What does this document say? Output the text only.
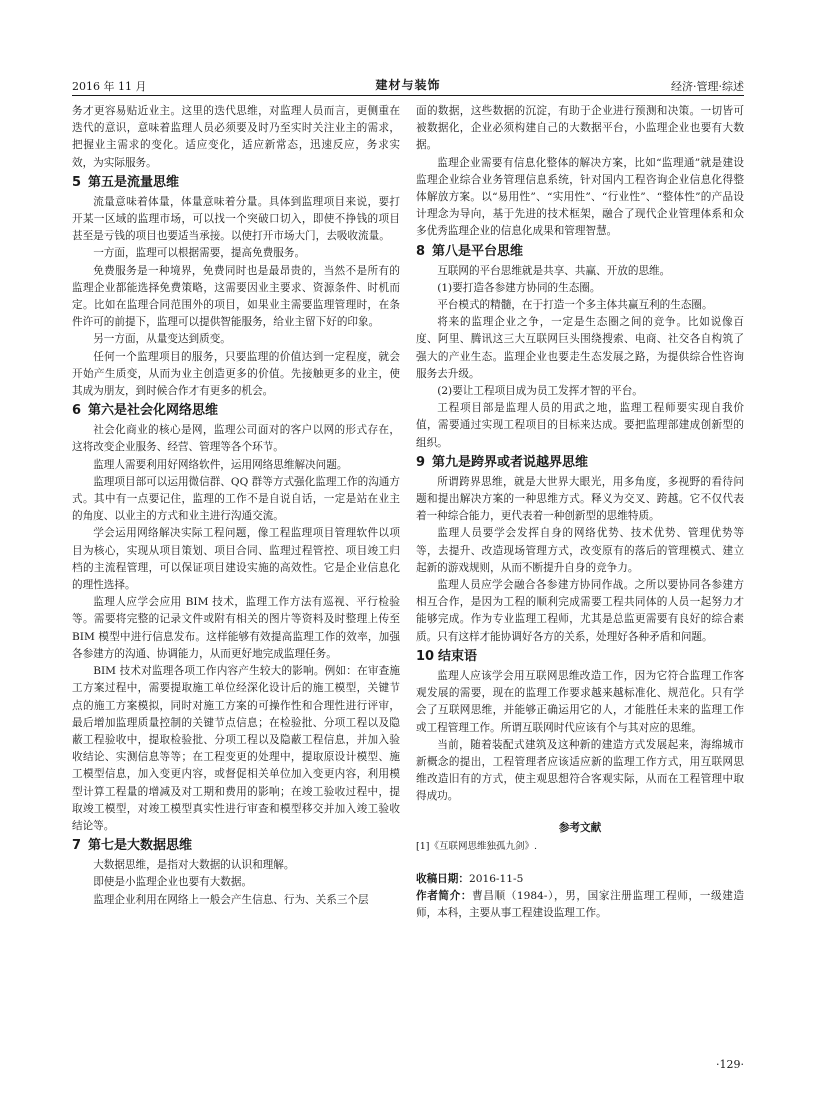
2016 年 11 月	建材与装饰	经济·管理·综述

务才更容易贴近业主。这里的迭代思维，对监理人员而言，更侧重在迭代的意识，意味着监理人员必须要及时乃至实时关注业主的需求，把握业主需求的变化。适应变化，适应新常态，迅速反应，务求实效，为实际服务。

5 第五是流量思维

流量意味着体量，体量意味着分量。具体到监理项目来说，要打开某一区域的监理市场，可以找一个突破口切入，即使不挣钱的项目甚至是亏钱的项目也要适当承接。以使打开市场大门，去吸收流量。

一方面，监理可以根据需要，提高免费服务。

免费服务是一种境界，免费同时也是最昂贵的，当然不是所有的监理企业都能选择免费策略，这需要因业主要求、资源条件、时机而定。比如在监理合同范围外的项目，如果业主需要监理管理时，在条件许可的前提下，监理可以提供智能服务，给业主留下好的印象。

另一方面，从量变达到质变。

任何一个监理项目的服务，只要监理的价值达到一定程度，就会开始产生质变，从而为业主创造更多的价值。先接触更多的业主，使其成为朋友，到时候合作才有更多的机会。

6 第六是社会化网络思维

社会化商业的核心是网，监理公司面对的客户以网的形式存在，这将改变企业服务、经营、管理等各个环节。

监理人需要利用好网络软件，运用网络思维解决问题。

监理项目部可以运用微信群、QQ 群等方式强化监理工作的沟通方式。其中有一点要记住，监理的工作不是自说自话，一定是站在业主的角度、以业主的方式和业主进行沟通交流。

学会运用网络解决实际工程问题，像工程监理项目管理软件以项目为核心，实现从项目策划、项目合同、监理过程管控、项目竣工归档的主流程管理，可以保证项目建设实施的高效性。它是企业信息化的理性选择。

监理人应学会应用 BIM 技术，监理工作方法有巡视、平行检验等。需要将完整的记录文件或附有相关的图片等资料及时整理上传至 BIM 模型中进行信息发布。这样能够有效提高监理工作的效率，加强各参建方的沟通、协调能力，从而更好地完成监理任务。

BIM 技术对监理各项工作内容产生较大的影响。例如：在审查施工方案过程中，需要提取施工单位经深化设计后的施工模型，关键节点的施工方案模拟，同时对施工方案的可操作性和合理性进行评审，最后增加监理质量控制的关键节点信息；在检验批、分项工程以及隐蔽工程验收中，提取检验批、分项工程以及隐蔽工程信息，并加入验收结论、实测信息等等；在工程变更的处理中，提取原设计模型、施工模型信息，加入变更内容，或督促相关单位加入变更内容，利用模型计算工程量的增减及对工期和费用的影响；在竣工验收过程中，提取竣工模型，对竣工模型真实性进行审查和模型移交并加入竣工验收结论等。

7 第七是大数据思维

大数据思维，是指对大数据的认识和理解。

即使是小监理企业也要有大数据。

监理企业利用在网络上一般会产生信息、行为、关系三个层

面的数据，这些数据的沉淀，有助于企业进行预测和决策。一切皆可被数据化，企业必须构建自己的大数据平台，小监理企业也要有大数据。

监理企业需要有信息化整体的解决方案，比如“监理通”就是建设监理企业综合业务管理信息系统，针对国内工程咨询企业信息化得整体解放方案。以“易用性”、“实用性”、“行业性”、“整体性”的产品设计理念为导向，基于先进的技术框架，融合了现代企业管理体系和众多优秀监理企业的信息化成果和管理智慧。

8 第八是平台思维

互联网的平台思维就是共享、共赢、开放的思维。

(1)要打造各参建方协同的生态圈。

平台模式的精髓，在于打造一个多主体共赢互利的生态圈。

将来的监理企业之争，一定是生态圈之间的竞争。比如说像百度、阿里、腾讯这三大互联网巨头围绕搜索、电商、社交各自构筑了强大的产业生态。监理企业也要走生态发展之路，为提供综合性咨询服务去升级。

(2)要让工程项目成为员工发挥才智的平台。

工程项目部是监理人员的用武之地，监理工程师要实现自我价值，需要通过实现工程项目的目标来达成。要把监理部建成创新型的组织。

9 第九是跨界或者说越界思维

所谓跨界思维，就是大世界大眼光，用多角度，多视野的看待问题和提出解决方案的一种思维方式。释义为交叉、跨越。它不仅代表着一种综合能力，更代表着一种创新型的思维特质。

监理人员要学会发挥自身的网络优势、技术优势、管理优势等等，去提升、改造现场管理方式，改变原有的落后的管理模式、建立起新的游戏规则，从而不断提升自身的竞争力。

监理人员应学会融合各参建方协同作战。之所以要协同各参建方相互合作，是因为工程的顺利完成需要工程共同体的人员一起努力才能够完成。作为专业监理工程师，尤其是总监更需要有良好的综合素质。只有这样才能协调好各方的关系，处理好各种矛盾和问题。

10 结束语

监理人应该学会用互联网思维改造工作，因为它符合监理工作客观发展的需要，现在的监理工作要求越来越标准化、规范化。只有学会了互联网思维，并能够正确运用它的人，才能胜任未来的监理工作或工程管理工作。所谓互联网时代应该有个与其对应的思维。

当前，随着装配式建筑及这种新的建造方式发展起来，海绵城市新概念的提出，工程管理者应该适应新的监理工作方式，用互联网思维改造旧有的方式，使主观思想符合客观实际，从而在工程管理中取得成功。

参考文献
[1]《互联网思维独孤九剑》.
收稿日期：2016-11-5
作者简介：曹昌顺（1984-），男，国家注册监理工程师，一级建造师，本科，主要从事工程建设监理工作。
·129·
